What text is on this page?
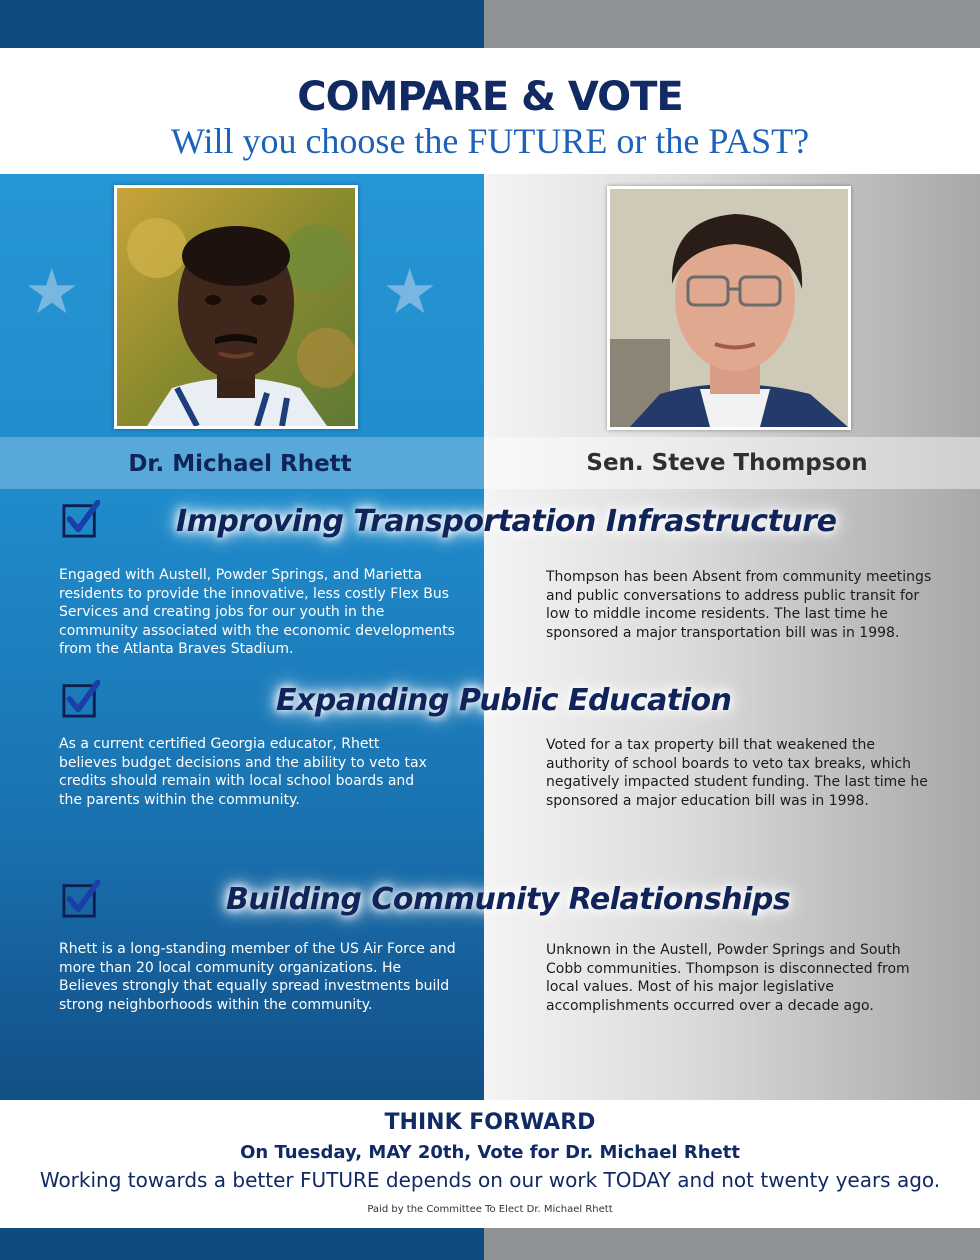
COMPARE & VOTE
Will you choose the FUTURE or the PAST?
★	★
Dr. Michael Rhett	Sen. Steve Thompson
Improving Transportation Infrastructure
Engaged with Austell, Powder Springs, and Marietta residents to provide the innovative, less costly Flex Bus Services and creating jobs for our youth in the community associated with the economic developments from the Atlanta Braves Stadium.
Thompson has been Absent from community meetings and public conversations to address public transit for low to middle income residents. The last time he sponsored a major transportation bill was in 1998.
Expanding Public Education
As a current certified Georgia educator, Rhett believes budget decisions and the ability to veto tax credits should remain with local school boards and the parents within the community.
Voted for a tax property bill that weakened the authority of school boards to veto tax breaks, which negatively impacted student funding. The last time he sponsored a major education bill was in 1998.
Building Community Relationships
Rhett is a long-standing member of the US Air Force and more than 20 local community organizations. He Believes strongly that equally spread investments build strong neighborhoods within the community.
Unknown in the Austell, Powder Springs and South Cobb communities. Thompson is disconnected from local values. Most of his major legislative accomplishments occurred over a decade ago.
THINK FORWARD
On Tuesday, MAY 20th, Vote for Dr. Michael Rhett
Working towards a better FUTURE depends on our work TODAY and not twenty years ago.
Paid by the Committee To Elect Dr. Michael Rhett
